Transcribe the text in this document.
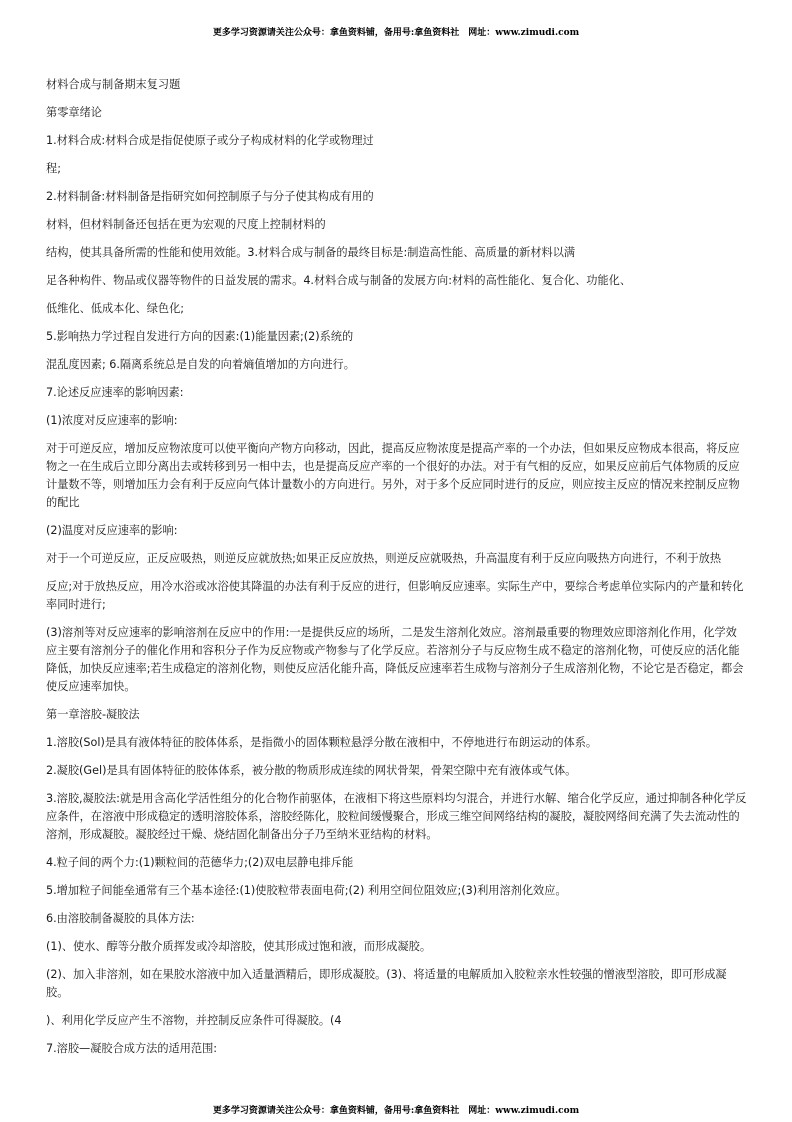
更多学习资源请关注公众号：拿鱼资料铺，备用号:拿鱼资料社　网址：www.zimudi.com

材料合成与制备期末复习题

第零章绪论

1.材料合成:材料合成是指促使原子或分子构成材料的化学或物理过

程;

2.材料制备:材料制备是指研究如何控制原子与分子使其构成有用的

材料，但材料制备还包括在更为宏观的尺度上控制材料的

结构，使其具备所需的性能和使用效能。3.材料合成与制备的最终目标是:制造高性能、高质量的新材料以满

足各种构件、物品或仪器等物件的日益发展的需求。4.材料合成与制备的发展方向:材料的高性能化、复合化、功能化、

低维化、低成本化、绿色化;

5.影响热力学过程自发进行方向的因素:(1)能量因素;(2)系统的

混乱度因素; 6.隔离系统总是自发的向着熵值增加的方向进行。

7.论述反应速率的影响因素:

(1)浓度对反应速率的影响:

对于可逆反应，增加反应物浓度可以使平衡向产物方向移动，因此，提高反应物浓度是提高产率的一个办法，但如果反应物成本很高，将反应物之一在生成后立即分离出去或转移到另一相中去，也是提高反应产率的一个很好的办法。对于有气相的反应，如果反应前后气体物质的反应计量数不等，则增加压力会有利于反应向气体计量数小的方向进行。另外，对于多个反应同时进行的反应，则应按主反应的情况来控制反应物的配比

(2)温度对反应速率的影响:

对于一个可逆反应，正反应吸热，则逆反应就放热;如果正反应放热，则逆反应就吸热，升高温度有利于反应向吸热方向进行，不利于放热

反应;对于放热反应，用冷水浴或冰浴使其降温的办法有利于反应的进行，但影响反应速率。实际生产中，要综合考虑单位实际内的产量和转化率同时进行;

(3)溶剂等对反应速率的影响溶剂在反应中的作用:一是提供反应的场所，二是发生溶剂化效应。溶剂最重要的物理效应即溶剂化作用，化学效应主要有溶剂分子的催化作用和容积分子作为反应物或产物参与了化学反应。若溶剂分子与反应物生成不稳定的溶剂化物，可使反应的活化能降低，加快反应速率;若生成稳定的溶剂化物，则使反应活化能升高，降低反应速率若生成物与溶剂分子生成溶剂化物，不论它是否稳定，都会使反应速率加快。

第一章溶胶-凝胶法

1.溶胶(Sol)是具有液体特征的胶体体系，是指微小的固体颗粒悬浮分散在液相中，不停地进行布朗运动的体系。

2.凝胶(Gel)是具有固体特征的胶体体系，被分散的物质形成连续的网状骨架，骨架空隙中充有液体或气体。

3.溶胶,凝胶法:就是用含高化学活性组分的化合物作前驱体，在液相下将这些原料均匀混合，并进行水解、缩合化学反应，通过抑制各种化学反应条件，在溶液中形成稳定的透明溶胶体系，溶胶经陈化，胶粒间缓慢聚合，形成三维空间网络结构的凝胶，凝胶网络间充满了失去流动性的溶剂，形成凝胶。凝胶经过干燥、烧结固化制备出分子乃至纳米亚结构的材料。

4.粒子间的两个力:(1)颗粒间的范德华力;(2)双电层静电排斥能

5.增加粒子间能垒通常有三个基本途径:(1)使胶粒带表面电荷;(2) 利用空间位阻效应;(3)利用溶剂化效应。

6.由溶胶制备凝胶的具体方法:

(1)、使水、醇等分散介质挥发或冷却溶胶，使其形成过饱和液，而形成凝胶。

(2)、加入非溶剂，如在果胶水溶液中加入适量酒精后，即形成凝胶。(3)、将适量的电解质加入胶粒亲水性较强的憎液型溶胶，即可形成凝胶。

)、利用化学反应产生不溶物，并控制反应条件可得凝胶。(4

7.溶胶—凝胶合成方法的适用范围:

更多学习资源请关注公众号：拿鱼资料铺，备用号:拿鱼资料社　网址：www.zimudi.com
